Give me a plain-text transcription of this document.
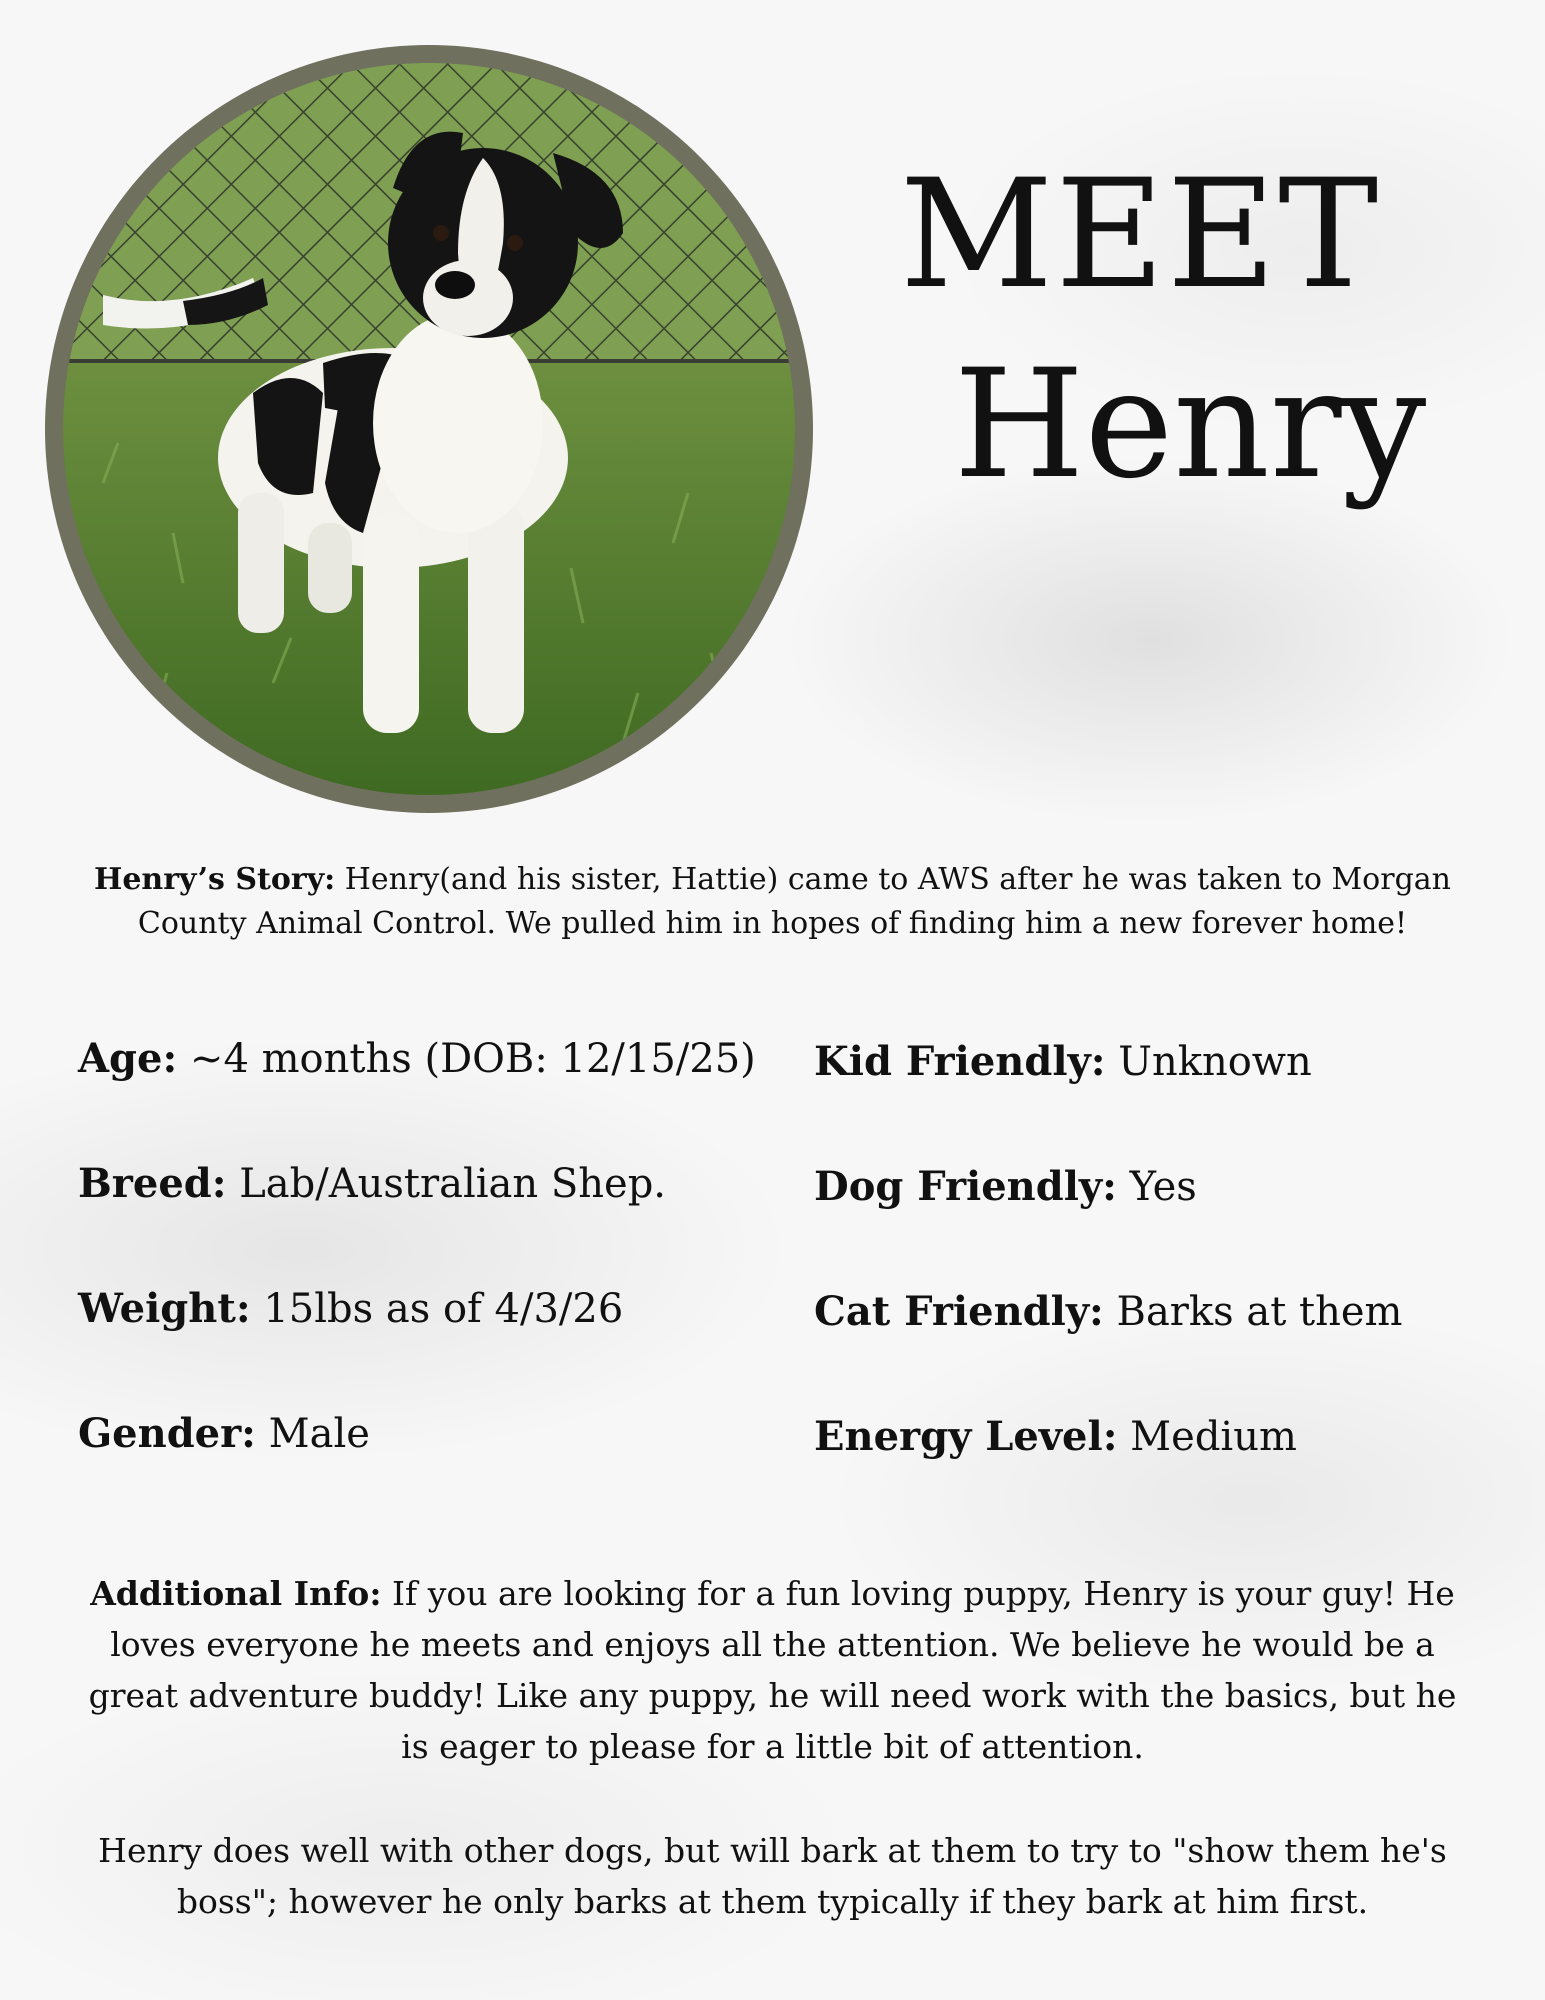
MEET
Henry
Henry’s Story: Henry(and his sister, Hattie) came to AWS after he was taken to Morgan County Animal Control. We pulled him in hopes of finding him a new forever home!
Age: ~4 months (DOB: 12/15/25)
Breed: Lab/Australian Shep.
Weight: 15lbs as of 4/3/26
Gender: Male
Kid Friendly: Unknown
Dog Friendly: Yes
Cat Friendly: Barks at them
Energy Level: Medium
Additional Info: If you are looking for a fun loving puppy, Henry is your guy! He loves everyone he meets and enjoys all the attention. We believe he would be a great adventure buddy! Like any puppy, he will need work with the basics, but he is eager to please for a little bit of attention.
Henry does well with other dogs, but will bark at them to try to "show them he's boss"; however he only barks at them typically if they bark at him first.
